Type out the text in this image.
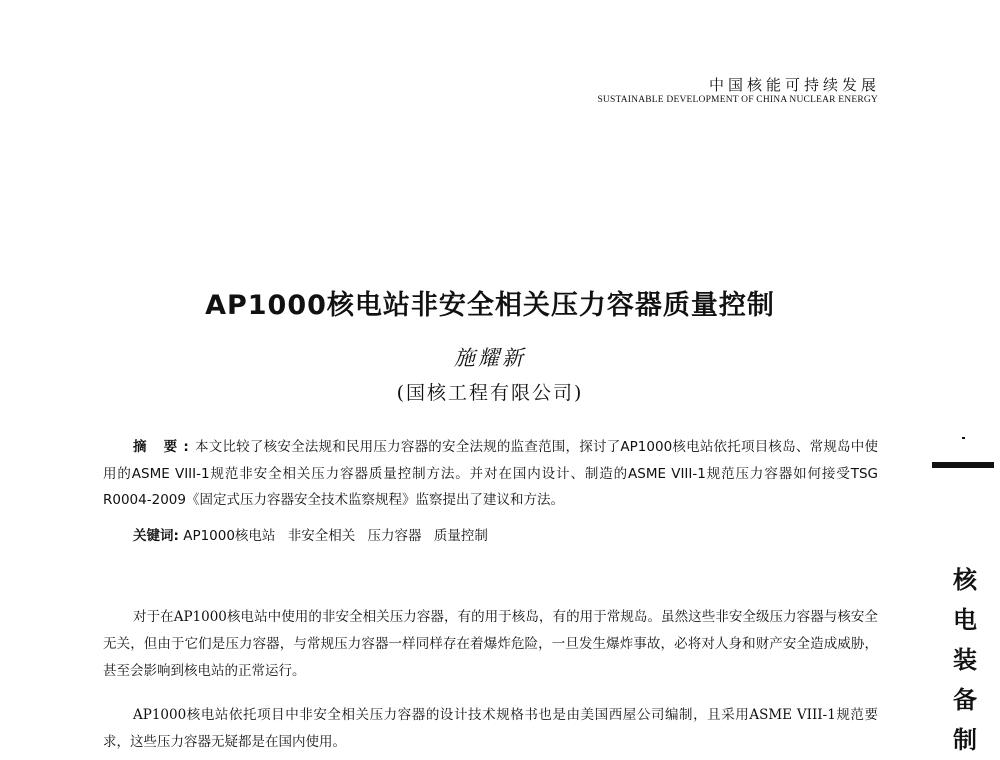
中国核能可持续发展
SUSTAINABLE DEVELOPMENT OF CHINA NUCLEAR ENERGY
AP1000核电站非安全相关压力容器质量控制
施耀新
(国核工程有限公司)
摘 要:本文比较了核安全法规和民用压力容器的安全法规的监查范围，探讨了AP1000核电站依托项目核岛、常规岛中使用的ASME VIII-1规范非安全相关压力容器质量控制方法。并对在国内设计、制造的ASME VIII-1规范压力容器如何接受TSG R0004-2009《固定式压力容器安全技术监察规程》监察提出了建议和方法。
关键词: AP1000核电站 非安全相关 压力容器 质量控制
对于在AP1000核电站中使用的非安全相关压力容器，有的用于核岛，有的用于常规岛。虽然这些非安全级压力容器与核安全无关，但由于它们是压力容器，与常规压力容器一样同样存在着爆炸危险，一旦发生爆炸事故，必将对人身和财产安全造成威胁，甚至会影响到核电站的正常运行。
AP1000核电站依托项目中非安全相关压力容器的设计技术规格书也是由美国西屋公司编制，且采用ASME VIII-1规范要求，这些压力容器无疑都是在国内使用。
核
电
装
备
制
